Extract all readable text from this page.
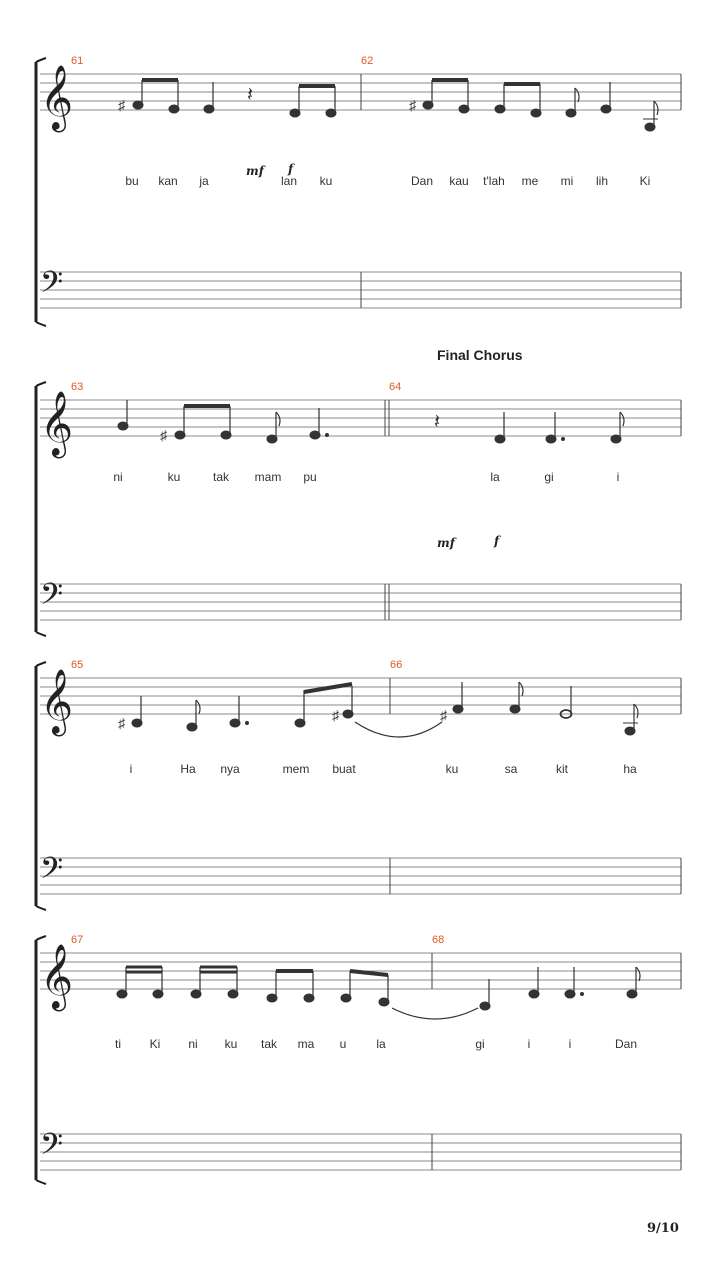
Final Chorus
𝄞
𝄢
♯	𝄽	♯
61	62
mf f
bu kan ja	lan ku	Dan kau t'lah me mi lih	Ki
𝄞
𝄢
♯
𝄽
63	64
ni	ku	tak mam pu	la	gi	i
mf	f
𝄞
𝄢
♯	♯	♯
65	66
i	Ha nya	mem buat	ku	sa	kit	ha
𝄞
𝄢
67	68
ti Ki ni ku tak ma u la	gi	i	i	Dan
9/10
